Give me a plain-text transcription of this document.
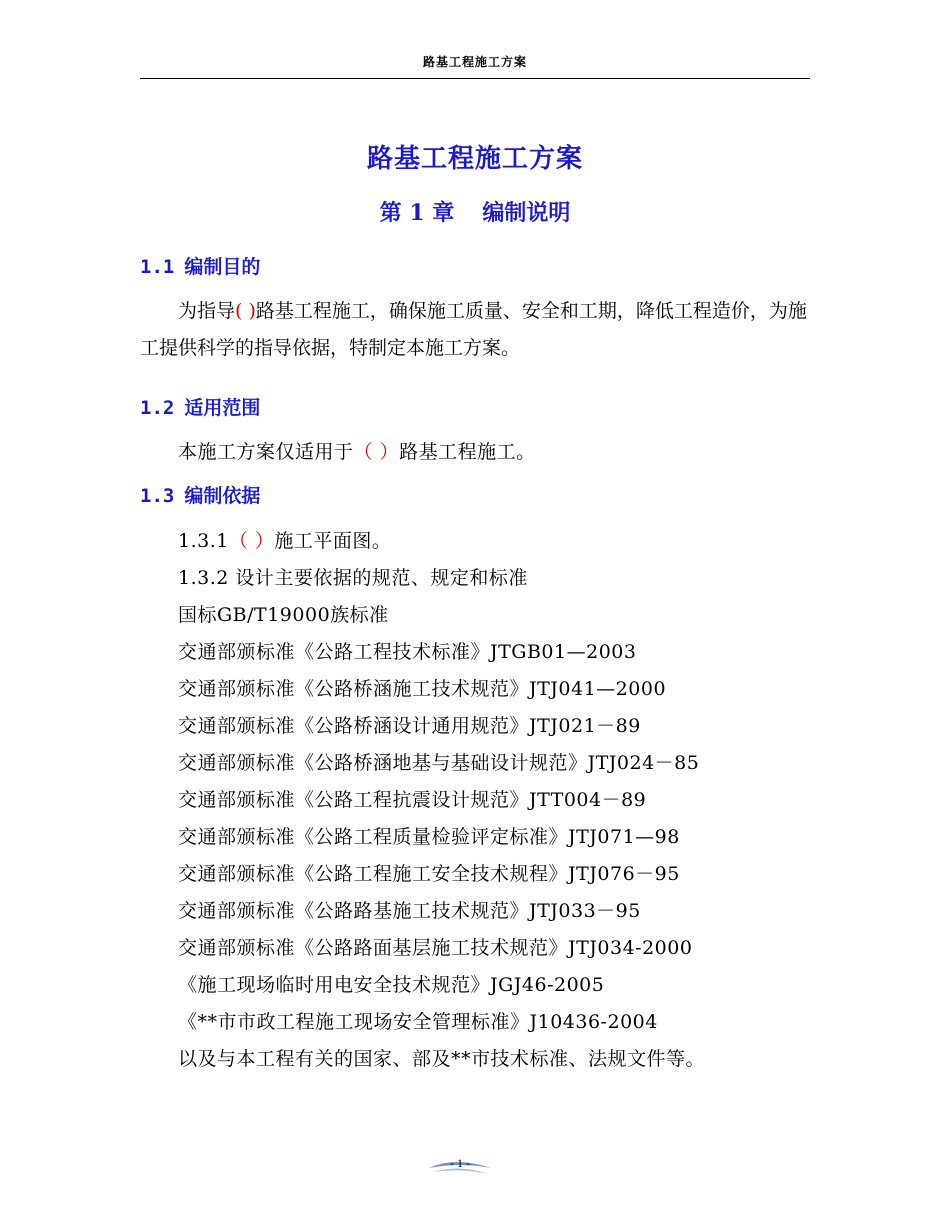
路基工程施工方案
路基工程施工方案
第 1 章 编制说明
1.1 编制目的
为指导( )路基工程施工，确保施工质量、安全和工期，降低工程造价，为施工提供科学的指导依据，特制定本施工方案。
1.2 适用范围
本施工方案仅适用于（ ）路基工程施工。
1.3 编制依据
1.3.1（ ）施工平面图。
1.3.2 设计主要依据的规范、规定和标准
国标GB/T19000族标准
交通部颁标准《公路工程技术标准》JTGB01—2003
交通部颁标准《公路桥涵施工技术规范》JTJ041—2000
交通部颁标准《公路桥涵设计通用规范》JTJ021－89
交通部颁标准《公路桥涵地基与基础设计规范》JTJ024－85
交通部颁标准《公路工程抗震设计规范》JTT004－89
交通部颁标准《公路工程质量检验评定标准》JTJ071—98
交通部颁标准《公路工程施工安全技术规程》JTJ076－95
交通部颁标准《公路路基施工技术规范》JTJ033－95
交通部颁标准《公路路面基层施工技术规范》JTJ034-2000
《施工现场临时用电安全技术规范》JGJ46-2005
《**市市政工程施工现场安全管理标准》J10436-2004
以及与本工程有关的国家、部及**市技术标准、法规文件等。
- 1 -
